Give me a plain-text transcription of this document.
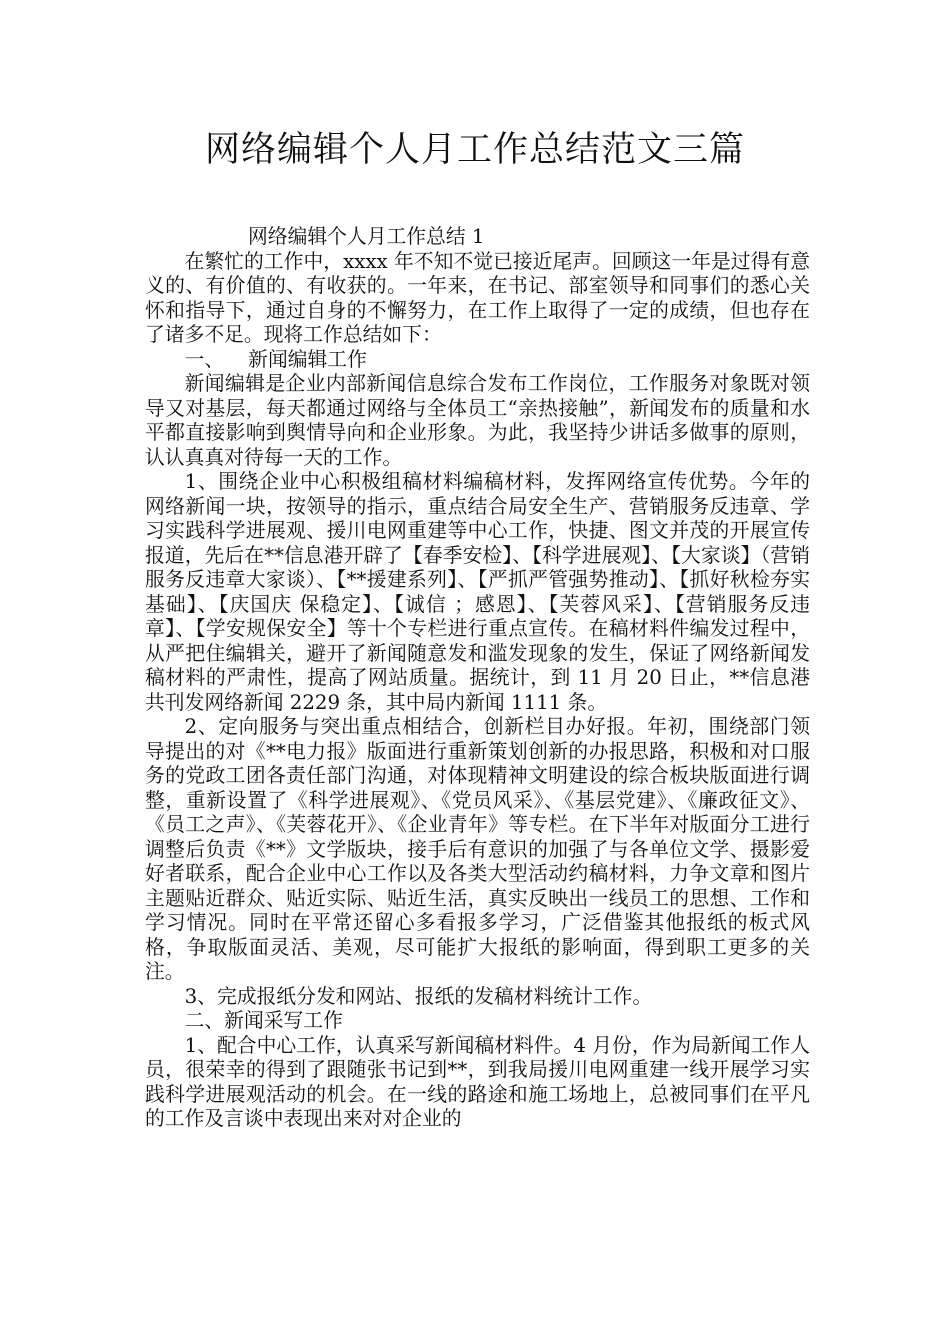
网络编辑个人月工作总结范文三篇

网络编辑个人月工作总结 1

在繁忙的工作中，xxxx 年不知不觉已接近尾声。回顾这一年是过得有意义的、有价值的、有收获的。一年来，在书记、部室领导和同事们的悉心关怀和指导下，通过自身的不懈努力，在工作上取得了一定的成绩，但也存在了诸多不足。现将工作总结如下：

一、 新闻编辑工作

新闻编辑是企业内部新闻信息综合发布工作岗位，工作服务对象既对领导又对基层，每天都通过网络与全体员工“亲热接触”，新闻发布的质量和水平都直接影响到舆情导向和企业形象。为此，我坚持少讲话多做事的原则，认认真真对待每一天的工作。

1、围绕企业中心积极组稿材料编稿材料，发挥网络宣传优势。今年的网络新闻一块，按领导的指示，重点结合局安全生产、营销服务反违章、学习实践科学进展观、援川电网重建等中心工作，快捷、图文并茂的开展宣传报道，先后在**信息港开辟了【春季安检】、【科学进展观】、【大家谈】（营销服务反违章大家谈）、【**援建系列】、【严抓严管强势推动】、【抓好秋检夯实基础】、【庆国庆 保稳定】、【诚信 ；感恩】、【芙蓉风采】、【营销服务反违章】、【学安规保安全】等十个专栏进行重点宣传。在稿材料件编发过程中，从严把住编辑关，避开了新闻随意发和滥发现象的发生，保证了网络新闻发稿材料的严肃性，提高了网站质量。据统计，到 11 月 20 日止，**信息港共刊发网络新闻 2229 条，其中局内新闻 1111 条。

2、定向服务与突出重点相结合，创新栏目办好报。年初，围绕部门领导提出的对《**电力报》版面进行重新策划创新的办报思路，积极和对口服务的党政工团各责任部门沟通，对体现精神文明建设的综合板块版面进行调整，重新设置了《科学进展观》、《党员风采》、《基层党建》、《廉政征文》、《员工之声》、《芙蓉花开》、《企业青年》等专栏。在下半年对版面分工进行调整后负责《**》文学版块，接手后有意识的加强了与各单位文学、摄影爱好者联系，配合企业中心工作以及各类大型活动约稿材料，力争文章和图片主题贴近群众、贴近实际、贴近生活，真实反映出一线员工的思想、工作和学习情况。同时在平常还留心多看报多学习，广泛借鉴其他报纸的板式风格，争取版面灵活、美观，尽可能扩大报纸的影响面，得到职工更多的关注。

3、完成报纸分发和网站、报纸的发稿材料统计工作。

二、新闻采写工作

1、配合中心工作，认真采写新闻稿材料件。4 月份，作为局新闻工作人员，很荣幸的得到了跟随张书记到**，到我局援川电网重建一线开展学习实践科学进展观活动的机会。在一线的路途和施工场地上，总被同事们在平凡的工作及言谈中表现出来对对企业的
